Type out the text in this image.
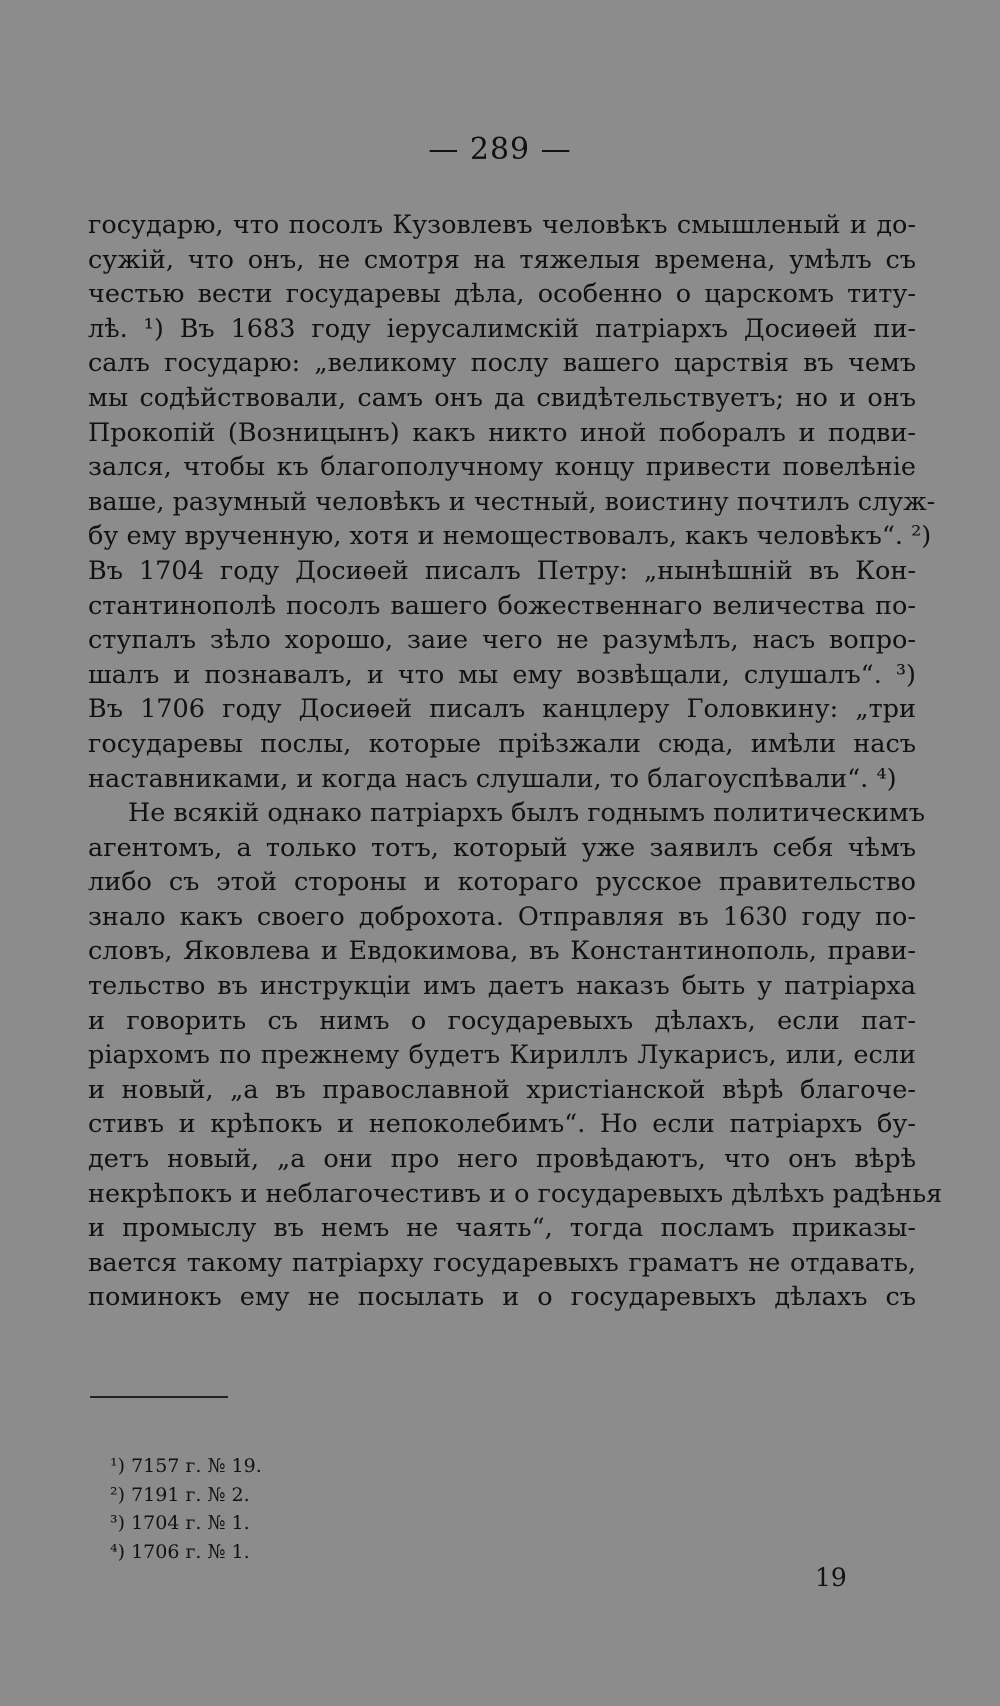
— 289 —
государю, что посолъ Кузовлевъ человѣкъ смышленый и до-
сужій, что онъ, не смотря на тяжелыя времена, умѣлъ съ
честью вести государевы дѣла, особенно о царскомъ титу-
лѣ. ¹) Въ 1683 году іерусалимскій патріархъ Досиѳей пи-
салъ государю: „великому послу вашего царствія въ чемъ
мы содѣйствовали, самъ онъ да свидѣтельствуетъ; но и онъ
Прокопій (Возницынъ) какъ никто иной поборалъ и подви-
зался, чтобы къ благополучному концу привести повелѣніе
ваше, разумный человѣкъ и честный, воистину почтилъ служ-
бу ему врученную, хотя и немоществовалъ, какъ человѣкъ“. ²)
Въ 1704 году Досиѳей писалъ Петру: „нынѣшній въ Кон-
стантинополѣ посолъ вашего божественнаго величества по-
ступалъ зѣло хорошо, заие чего не разумѣлъ, насъ вопро-
шалъ и познавалъ, и что мы ему возвѣщали, слушалъ“. ³)
Въ 1706 году Досиѳей писалъ канцлеру Головкину: „три
государевы послы, которые пріѣзжали сюда, имѣли насъ
наставниками, и когда насъ слушали, то благоуспѣвали“. ⁴)
Не всякій однако патріархъ былъ годнымъ политическимъ
агентомъ, а только тотъ, который уже заявилъ себя чѣмъ
либо съ этой стороны и котораго русское правительство
знало какъ своего доброхота. Отправляя въ 1630 году по-
словъ, Яковлева и Евдокимова, въ Константинополь, прави-
тельство въ инструкціи имъ даетъ наказъ быть у патріарха
и говорить съ нимъ о государевыхъ дѣлахъ, если пат-
ріархомъ по прежнему будетъ Кириллъ Лукарисъ, или, если
и новый, „а въ православной христіанской вѣрѣ благоче-
стивъ и крѣпокъ и непоколебимъ“. Но если патріархъ бу-
детъ новый, „а они про него провѣдаютъ, что онъ вѣрѣ
некрѣпокъ и неблагочестивъ и о государевыхъ дѣлѣхъ радѣнья
и промыслу въ немъ не чаять“, тогда посламъ приказы-
вается такому патріарху государевыхъ граматъ не отдавать,
поминокъ ему не посылать и о государевыхъ дѣлахъ съ
¹) 7157 г. № 19.
²) 7191 г. № 2.
³) 1704 г. № 1.
⁴) 1706 г. № 1.
19
